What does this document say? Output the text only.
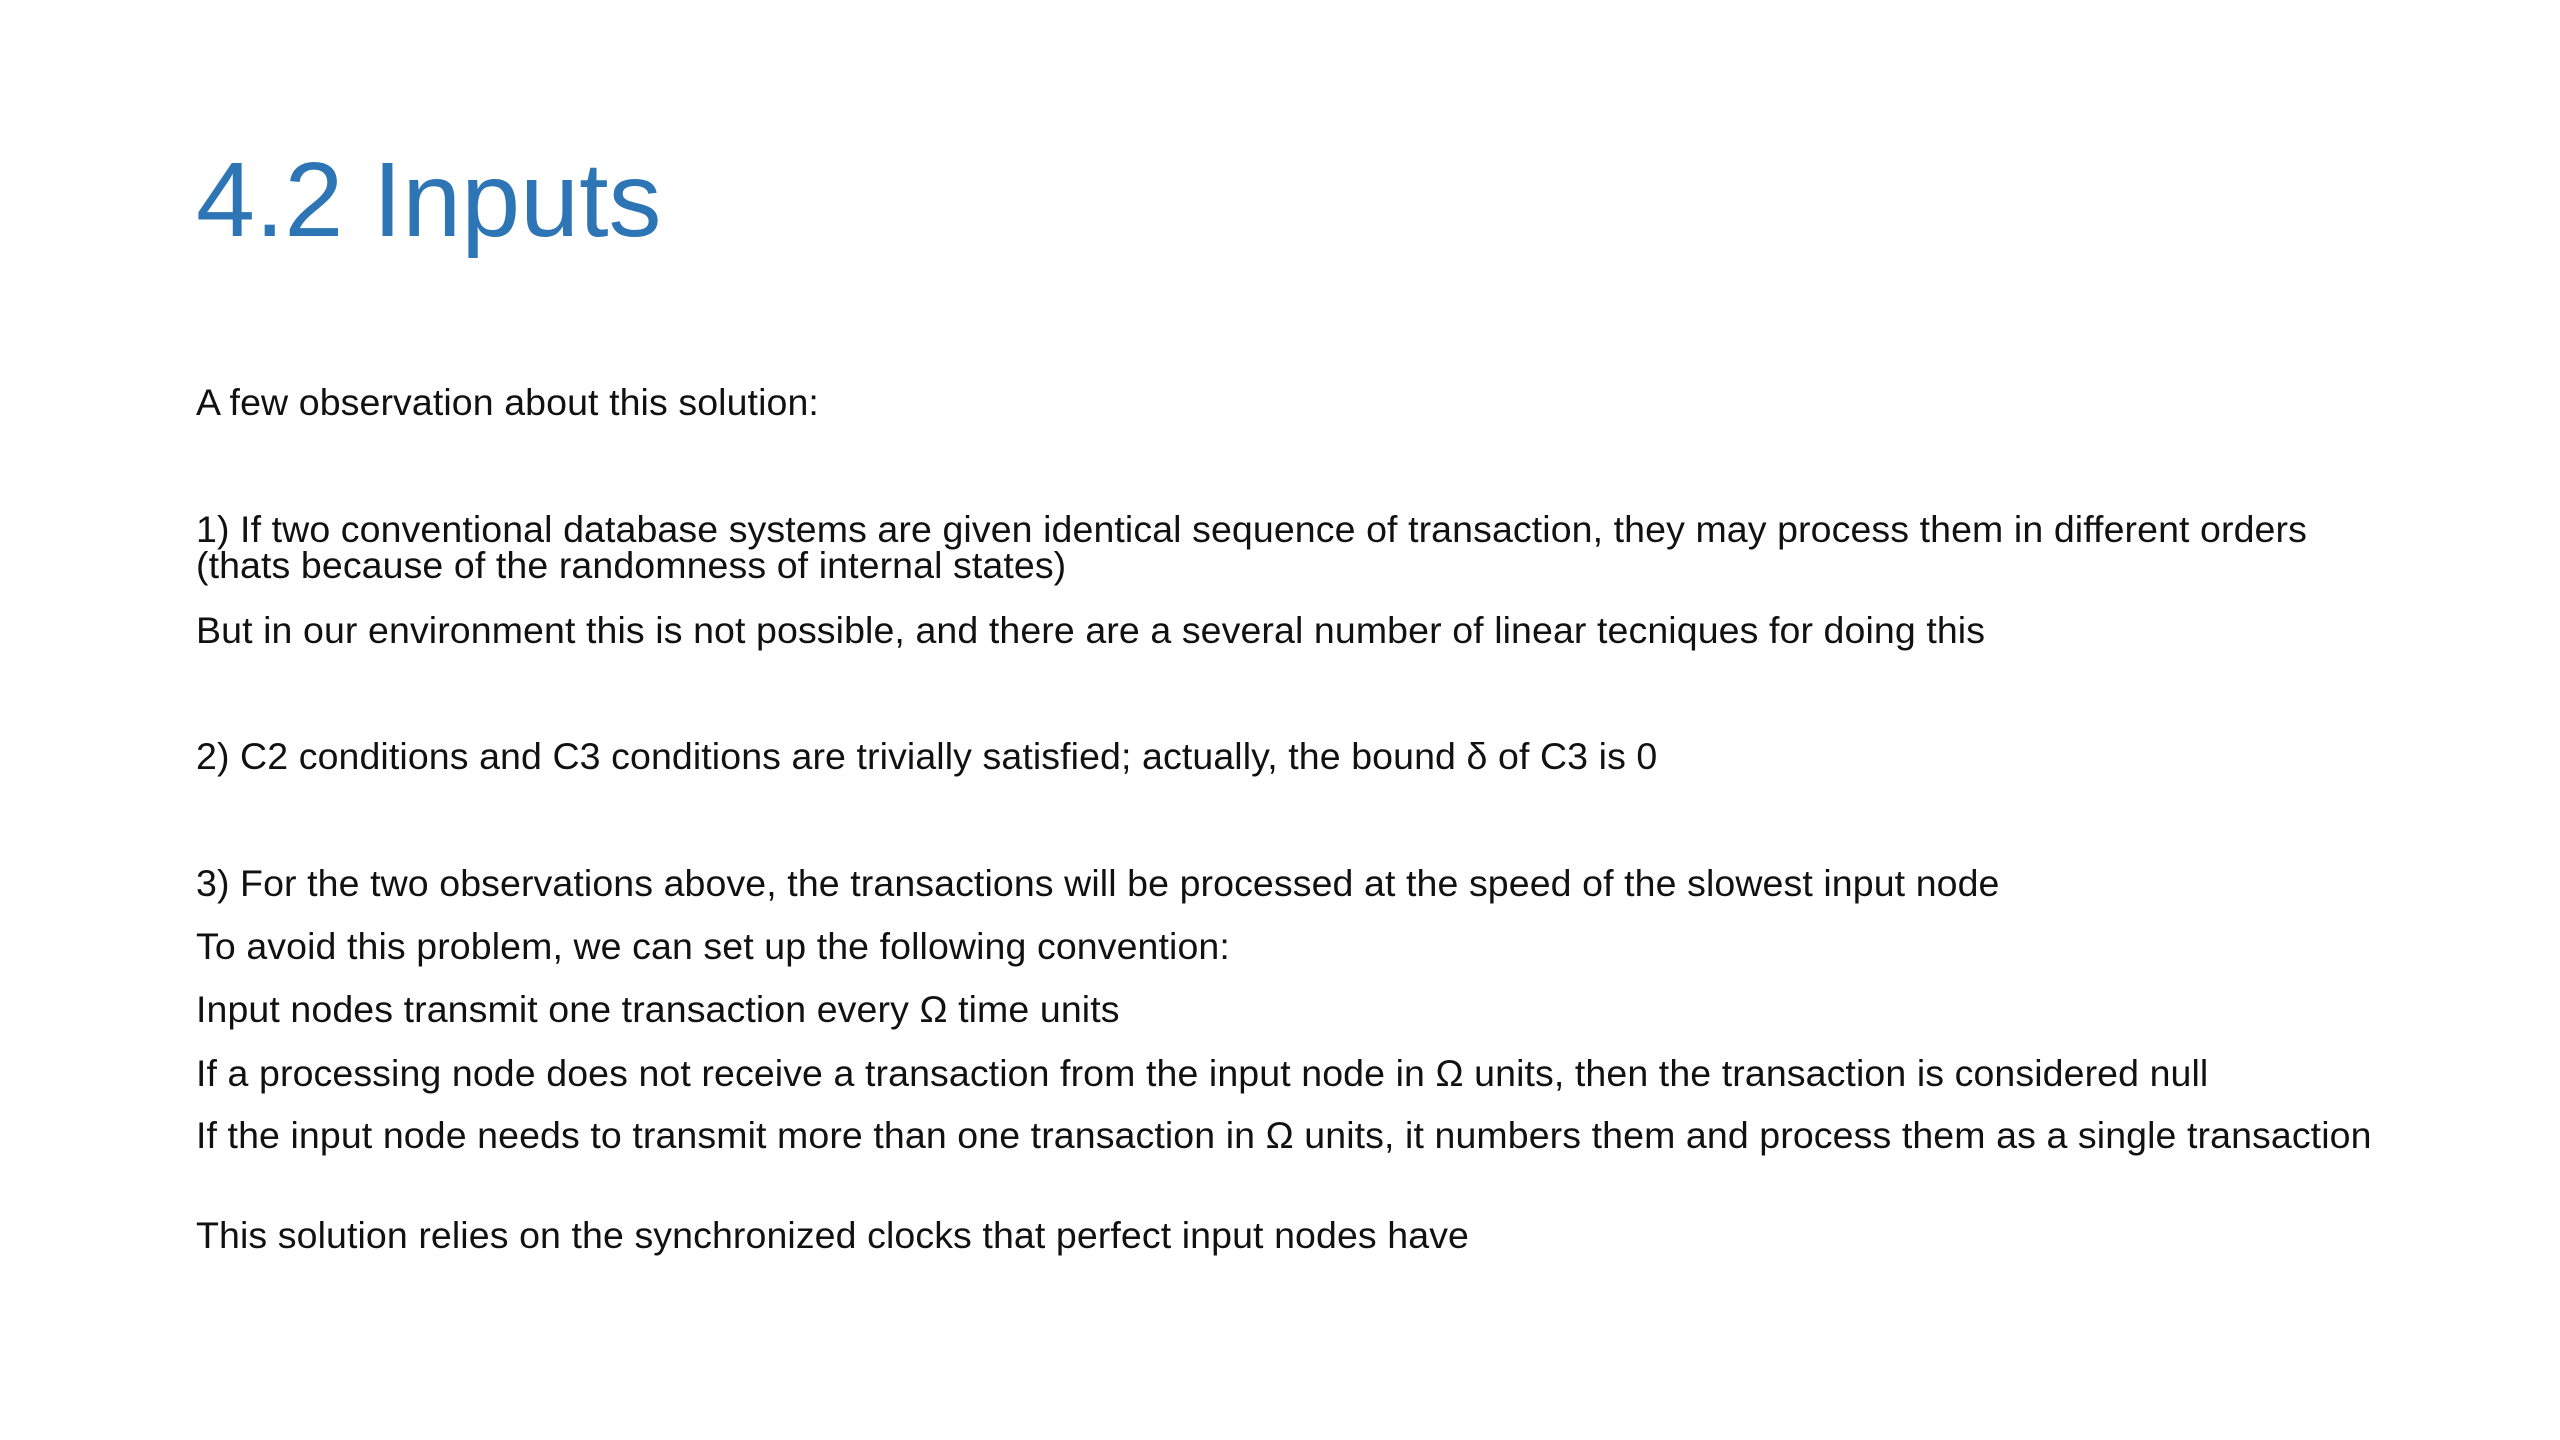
4.2 Inputs

A few observation about this solution:

1) If two conventional database systems are given identical sequence of transaction, they may process them in different orders (thats because of the randomness of internal states)

But in our environment this is not possible, and there are a several number of linear tecniques for doing this

2) C2 conditions and C3 conditions are trivially satisfied; actually, the bound δ of C3 is 0

3) For the two observations above, the transactions will be processed at the speed of the slowest input node

To avoid this problem, we can set up the following convention:

Input nodes transmit one transaction every Ω time units

If a processing node does not receive a transaction from the input node in Ω units, then the transaction is considered null

If the input node needs to transmit more than one transaction in Ω units, it numbers them and process them as a single transaction

This solution relies on the synchronized clocks that perfect input nodes have
